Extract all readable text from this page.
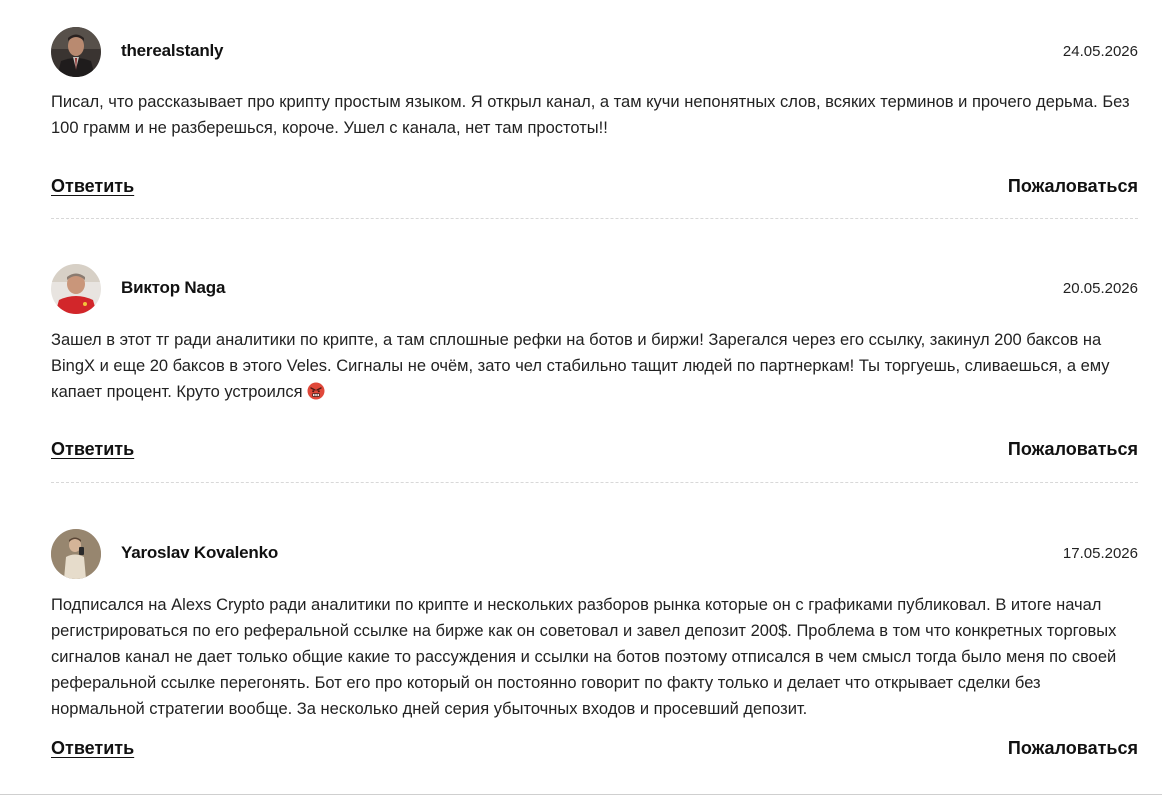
therealstanly	24.05.2026

Писал, что рассказывает про крипту простым языком. Я открыл канал, а там кучи непонятных слов, всяких терминов и прочего дерьма. Без 100 грамм и не разберешься, короче. Ушел с канала, нет там простоты!!

Ответить	Пожаловаться
Виктор Naga	20.05.2026

Зашел в этот тг ради аналитики по крипте, а там сплошные рефки на ботов и биржи! Зарегался через его ссылку, закинул 200 баксов на BingX и еще 20 баксов в этого Veles. Сигналы не очём, зато чел стабильно тащит людей по партнеркам! Ты торгуешь, сливаешься, а ему капает процент. Круто устроился

Ответить	Пожаловаться
Yaroslav Kovalenko	17.05.2026

Подписался на Alexs Crypto ради аналитики по крипте и нескольких разборов рынка которые он с графиками публиковал. В итоге начал регистрироваться по его реферальной ссылке на бирже как он советовал и завел депозит 200$. Проблема в том что конкретных торговых сигналов канал не дает только общие какие то рассуждения и ссылки на ботов поэтому отписался в чем смысл тогда было меня по своей реферальной ссылке перегонять. Бот его про который он постоянно говорит по факту только и делает что открывает сделки без нормальной стратегии вообще. За несколько дней серия убыточных входов и просевший депозит.

Ответить	Пожаловаться
